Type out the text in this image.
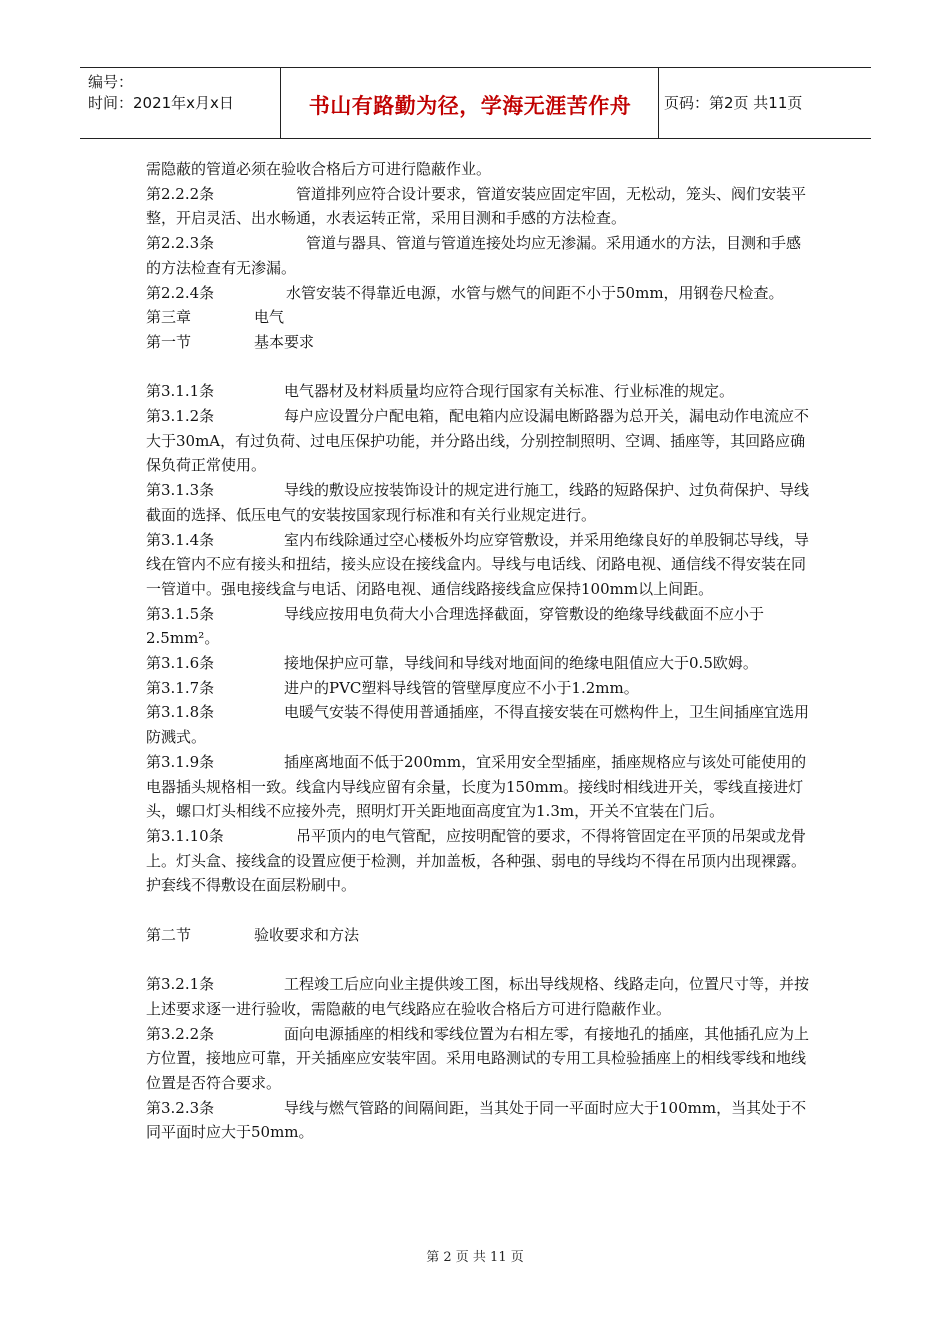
编号：
时间：2021年x月x日	书山有路勤为径，学海无涯苦作舟	页码：第2页 共11页

需隐蔽的管道必须在验收合格后方可进行隐蔽作业。

第2.2.2条	管道排列应符合设计要求，管道安装应固定牢固，无松动，笼头、阀们安装平整，开启灵活、出水畅通，水表运转正常，采用目测和手感的方法检查。
第2.2.3条	管道与器具、管道与管道连接处均应无渗漏。采用通水的方法，目测和手感的方法检查有无渗漏。
第2.2.4条	水管安装不得靠近电源，水管与燃气的间距不小于50mm，用钢卷尺检查。
第三章	电气
第一节	基本要求
第3.1.1条	电气器材及材料质量均应符合现行国家有关标准、行业标准的规定。
第3.1.2条	每户应设置分户配电箱，配电箱内应设漏电断路器为总开关，漏电动作电流应不大于30mA，有过负荷、过电压保护功能，并分路出线，分别控制照明、空调、插座等，其回路应确保负荷正常使用。
第3.1.3条	导线的敷设应按装饰设计的规定进行施工，线路的短路保护、过负荷保护、导线截面的选择、低压电气的安装按国家现行标准和有关行业规定进行。
第3.1.4条	室内布线除通过空心楼板外均应穿管敷设，并采用绝缘良好的单股铜芯导线，导线在管内不应有接头和扭结，接头应设在接线盒内。导线与电话线、闭路电视、通信线不得安装在同一管道中。强电接线盒与电话、闭路电视、通信线路接线盒应保持100mm以上间距。
第3.1.5条	导线应按用电负荷大小合理选择截面，穿管敷设的绝缘导线截面不应小于2.5mm²。
第3.1.6条	接地保护应可靠，导线间和导线对地面间的绝缘电阻值应大于0.5欧姆。
第3.1.7条	进户的PVC塑料导线管的管壁厚度应不小于1.2mm。
第3.1.8条	电暖气安装不得使用普通插座，不得直接安装在可燃构件上，卫生间插座宜选用防溅式。
第3.1.9条	插座离地面不低于200mm，宜采用安全型插座，插座规格应与该处可能使用的电器插头规格相一致。线盒内导线应留有余量，长度为150mm。接线时相线进开关，零线直接进灯头，螺口灯头相线不应接外壳，照明灯开关距地面高度宜为1.3m，开关不宜装在门后。
第3.1.10条	吊平顶内的电气管配，应按明配管的要求，不得将管固定在平顶的吊架或龙骨上。灯头盒、接线盒的设置应便于检测，并加盖板，各种强、弱电的导线均不得在吊顶内出现裸露。护套线不得敷设在面层粉刷中。
第二节	验收要求和方法
第3.2.1条	工程竣工后应向业主提供竣工图，标出导线规格、线路走向，位置尺寸等，并按上述要求逐一进行验收，需隐蔽的电气线路应在验收合格后方可进行隐蔽作业。
第3.2.2条	面向电源插座的相线和零线位置为右相左零，有接地孔的插座，其他插孔应为上方位置，接地应可靠，开关插座应安装牢固。采用电路测试的专用工具检验插座上的相线零线和地线位置是否符合要求。
第3.2.3条	导线与燃气管路的间隔间距，当其处于同一平面时应大于100mm，当其处于不同平面时应大于50mm。
第 2 页 共 11 页
